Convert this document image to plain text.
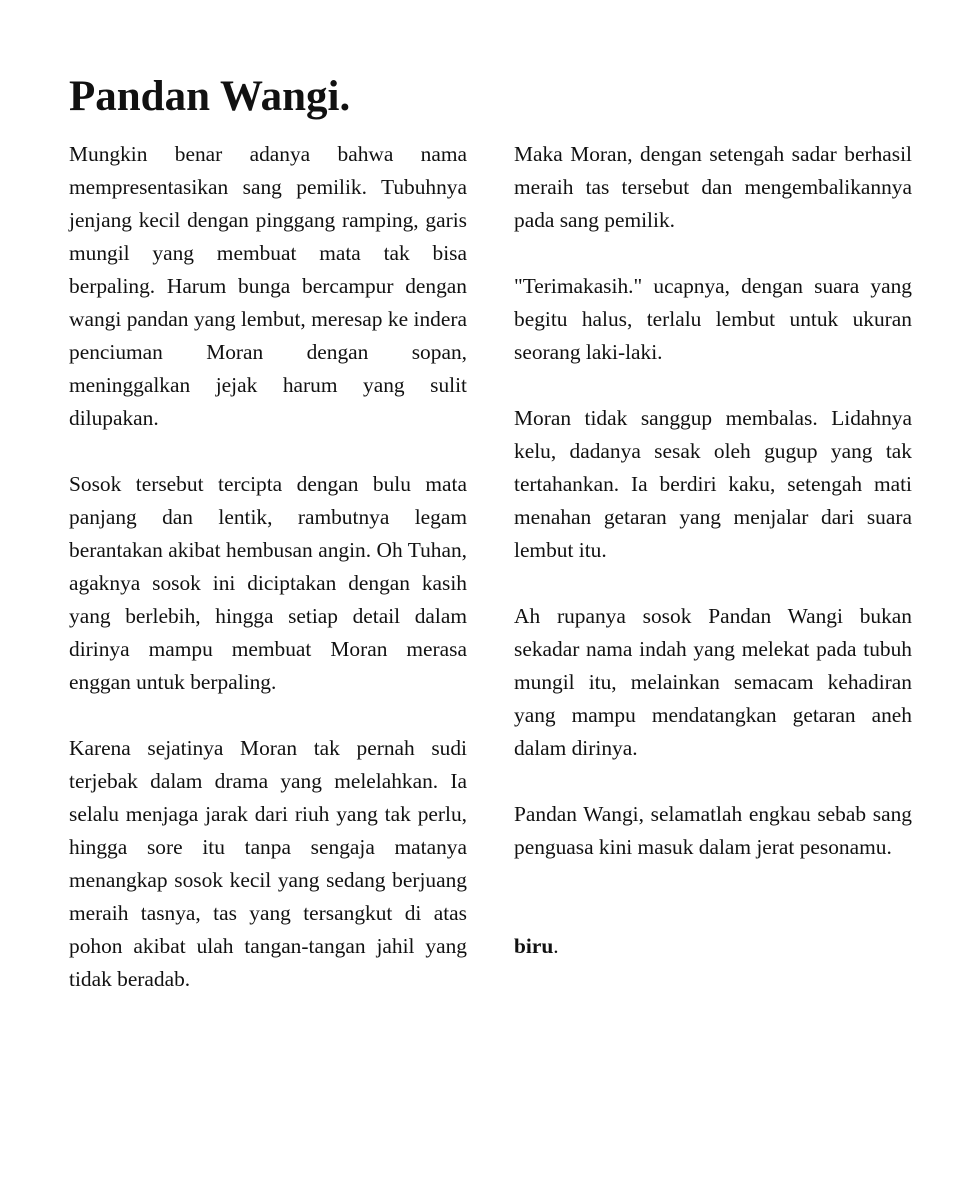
Pandan Wangi.

Mungkin benar adanya bahwa nama mempresentasikan sang pemilik. Tubuhnya jenjang kecil dengan pinggang ramping, garis mungil yang membuat mata tak bisa berpaling. Harum bunga bercampur dengan wangi pandan yang lembut, meresap ke indera penciuman Moran dengan sopan, meninggalkan jejak harum yang sulit dilupakan.

Sosok tersebut tercipta dengan bulu mata panjang dan lentik, rambutnya legam berantakan akibat hembusan angin. Oh Tuhan, agaknya sosok ini diciptakan dengan kasih yang berlebih, hingga setiap detail dalam dirinya mampu membuat Moran merasa enggan untuk berpaling.

Karena sejatinya Moran tak pernah sudi terjebak dalam drama yang melelahkan. Ia selalu menjaga jarak dari riuh yang tak perlu, hingga sore itu tanpa sengaja matanya menangkap sosok kecil yang sedang berjuang meraih tasnya, tas yang tersangkut di atas pohon akibat ulah tangan-tangan jahil yang tidak beradab.

Maka Moran, dengan setengah sadar berhasil meraih tas tersebut dan mengembalikannya pada sang pemilik.

"Terimakasih." ucapnya, dengan suara yang begitu halus, terlalu lembut untuk ukuran seorang laki-laki.

Moran tidak sanggup membalas. Lidahnya kelu, dadanya sesak oleh gugup yang tak tertahankan. Ia berdiri kaku, setengah mati menahan getaran yang menjalar dari suara lembut itu.

Ah rupanya sosok Pandan Wangi bukan sekadar nama indah yang melekat pada tubuh mungil itu, melainkan semacam kehadiran yang mampu mendatangkan getaran aneh dalam dirinya.

Pandan Wangi, selamatlah engkau sebab sang penguasa kini masuk dalam jerat pesonamu.

biru.
